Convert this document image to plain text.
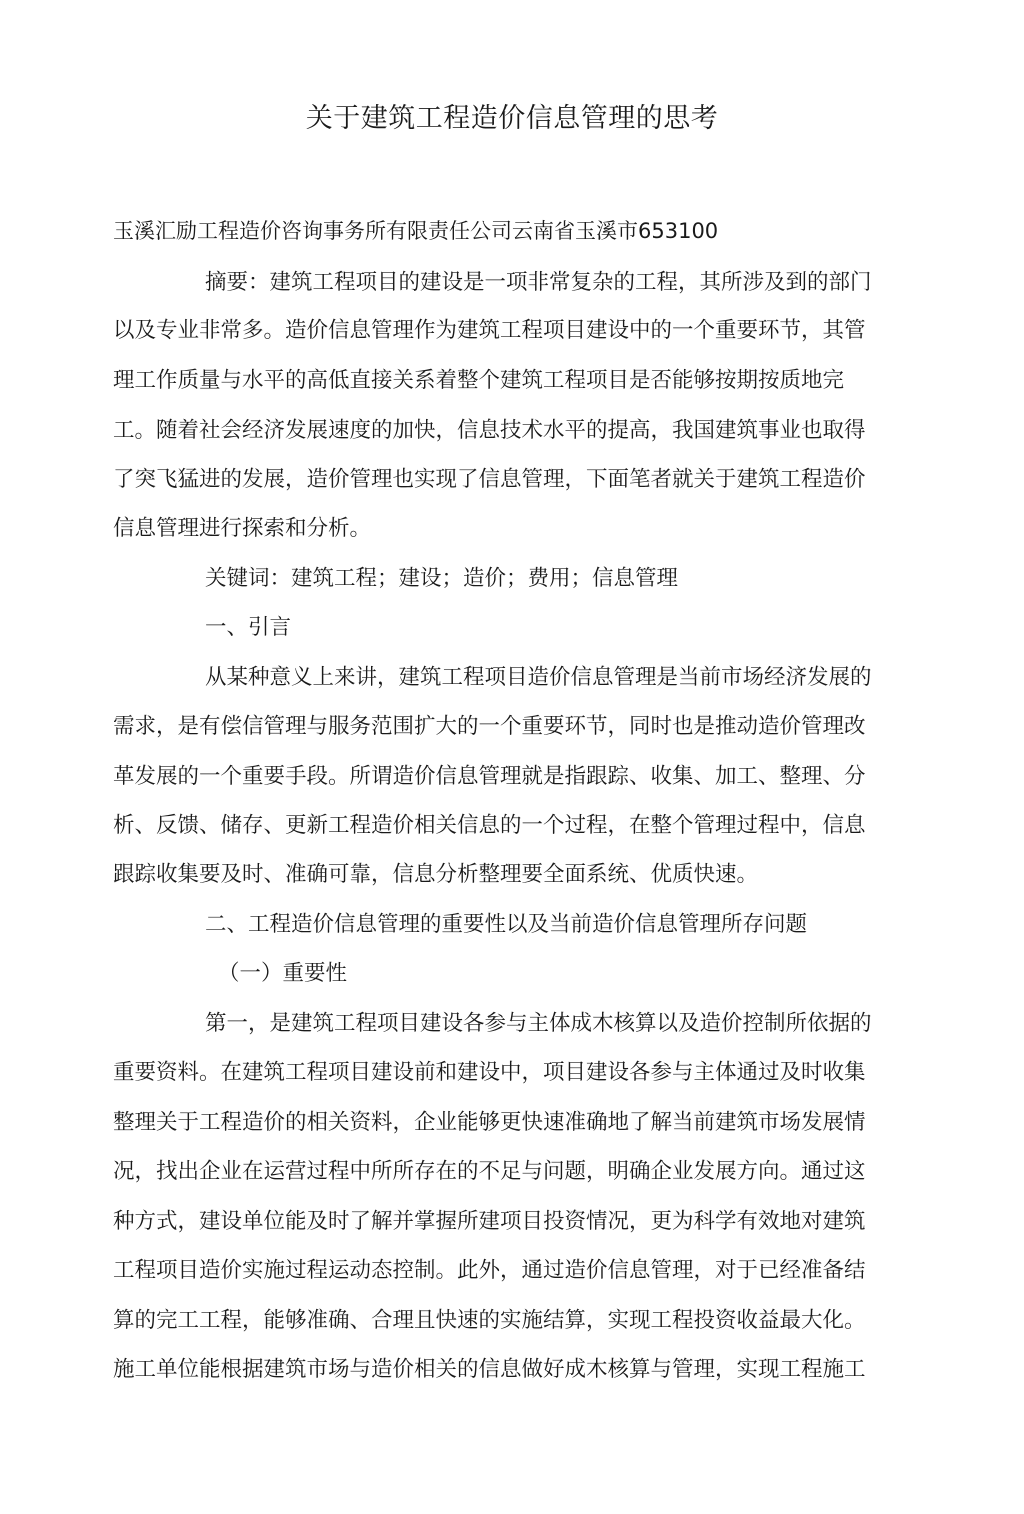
关于建筑工程造价信息管理的思考
玉溪汇励工程造价咨询事务所有限责任公司云南省玉溪市653100
摘要：建筑工程项目的建设是一项非常复杂的工程，其所涉及到的部门
以及专业非常多。造价信息管理作为建筑工程项目建设中的一个重要环节，其管
理工作质量与水平的高低直接关系着整个建筑工程项目是否能够按期按质地完
工。随着社会经济发展速度的加快，信息技术水平的提高，我国建筑事业也取得
了突飞猛进的发展，造价管理也实现了信息管理，下面笔者就关于建筑工程造价
信息管理进行探索和分析。
关键词：建筑工程；建设；造价；费用；信息管理
一、引言
从某种意义上来讲，建筑工程项目造价信息管理是当前市场经济发展的
需求，是有偿信管理与服务范围扩大的一个重要环节，同时也是推动造价管理改
革发展的一个重要手段。所谓造价信息管理就是指跟踪、收集、加工、整理、分
析、反馈、储存、更新工程造价相关信息的一个过程，在整个管理过程中，信息
跟踪收集要及时、准确可靠，信息分析整理要全面系统、优质快速。
二、工程造价信息管理的重要性以及当前造价信息管理所存问题
（一）重要性
第一，是建筑工程项目建设各参与主体成木核算以及造价控制所依据的
重要资料。在建筑工程项目建设前和建设中，项目建设各参与主体通过及时收集
整理关于工程造价的相关资料，企业能够更快速准确地了解当前建筑市场发展情
况，找出企业在运营过程中所所存在的不足与问题，明确企业发展方向。通过这
种方式，建设单位能及时了解并掌握所建项目投资情况，更为科学有效地对建筑
工程项目造价实施过程运动态控制。此外，通过造价信息管理，对于已经准备结
算的完工工程，能够准确、合理且快速的实施结算，实现工程投资收益最大化。
施工单位能根据建筑市场与造价相关的信息做好成木核算与管理，实现工程施工
